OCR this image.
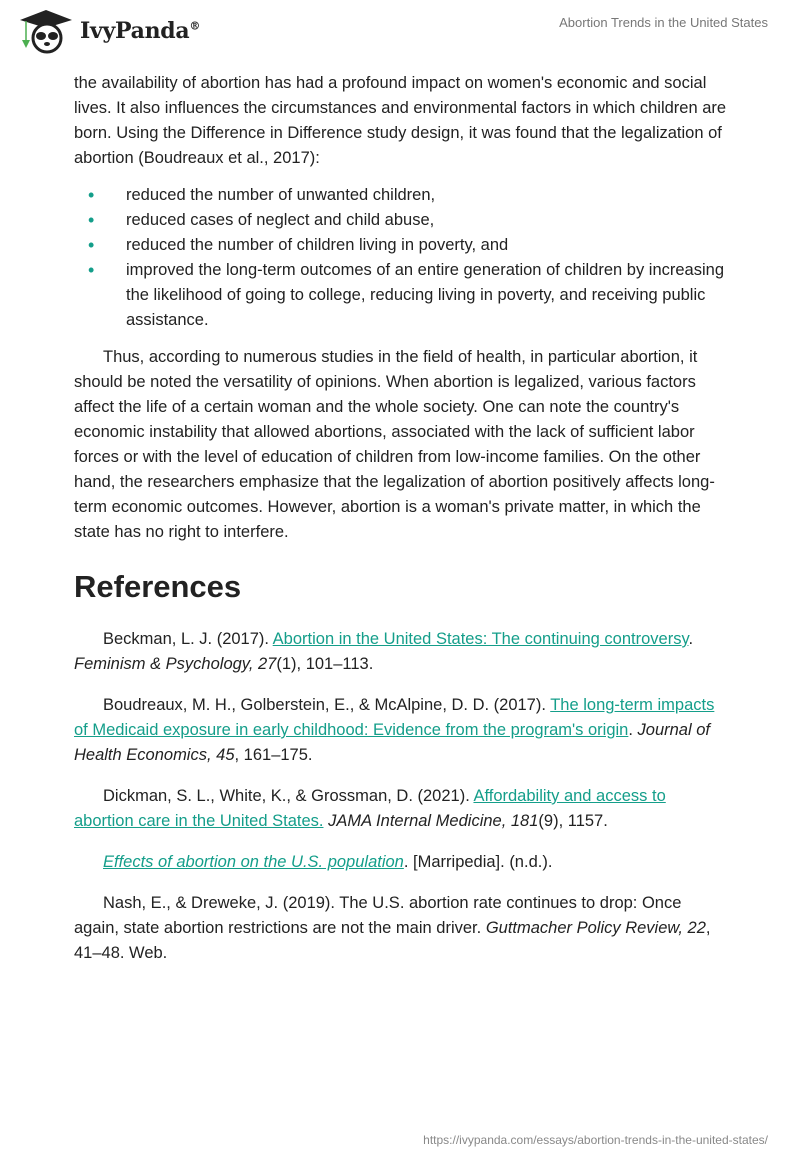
IvyPanda®	Abortion Trends in the United States

the availability of abortion has had a profound impact on women's economic and social lives. It also influences the circumstances and environmental factors in which children are born. Using the Difference in Difference study design, it was found that the legalization of abortion (Boudreaux et al., 2017):

• reduced the number of unwanted children,
• reduced cases of neglect and child abuse,
• reduced the number of children living in poverty, and
• improved the long-term outcomes of an entire generation of children by increasing the likelihood of going to college, reducing living in poverty, and receiving public assistance.

Thus, according to numerous studies in the field of health, in particular abortion, it should be noted the versatility of opinions. When abortion is legalized, various factors affect the life of a certain woman and the whole society. One can note the country's economic instability that allowed abortions, associated with the lack of sufficient labor forces or with the level of education of children from low-income families. On the other hand, the researchers emphasize that the legalization of abortion positively affects long-term economic outcomes. However, abortion is a woman's private matter, in which the state has no right to interfere.

References

Beckman, L. J. (2017). Abortion in the United States: The continuing controversy. Feminism & Psychology, 27(1), 101–113.

Boudreaux, M. H., Golberstein, E., & McAlpine, D. D. (2017). The long-term impacts of Medicaid exposure in early childhood: Evidence from the program's origin. Journal of Health Economics, 45, 161–175.

Dickman, S. L., White, K., & Grossman, D. (2021). Affordability and access to abortion care in the United States. JAMA Internal Medicine, 181(9), 1157.

Effects of abortion on the U.S. population. [Marripedia]. (n.d.).

Nash, E., & Dreweke, J. (2019). The U.S. abortion rate continues to drop: Once again, state abortion restrictions are not the main driver. Guttmacher Policy Review, 22, 41–48. Web.

https://ivypanda.com/essays/abortion-trends-in-the-united-states/
